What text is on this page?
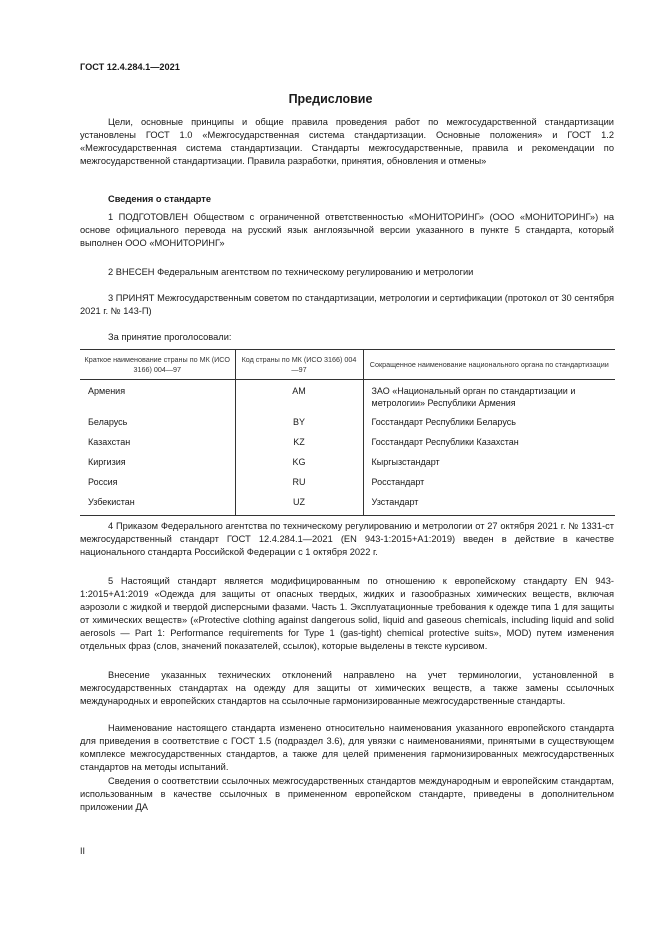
ГОСТ 12.4.284.1—2021
Предисловие
Цели, основные принципы и общие правила проведения работ по межгосударственной стандартизации установлены ГОСТ 1.0 «Межгосударственная система стандартизации. Основные положения» и ГОСТ 1.2 «Межгосударственная система стандартизации. Стандарты межгосударственные, правила и рекомендации по межгосударственной стандартизации. Правила разработки, принятия, обновления и отмены»
Сведения о стандарте
1 ПОДГОТОВЛЕН Обществом с ограниченной ответственностью «МОНИТОРИНГ» (ООО «МОНИТОРИНГ») на основе официального перевода на русский язык англоязычной версии указанного в пункте 5 стандарта, который выполнен ООО «МОНИТОРИНГ»
2 ВНЕСЕН Федеральным агентством по техническому регулированию и метрологии
3 ПРИНЯТ Межгосударственным советом по стандартизации, метрологии и сертификации (протокол от 30 сентября 2021 г. № 143-П)
За принятие проголосовали:
Краткое наименование страны по МК (ИСО 3166) 004—97	Код страны по МК (ИСО 3166) 004—97	Сокращенное наименование национального органа по стандартизации
Армения	AM	ЗАО «Национальный орган по стандартизации и метрологии» Республики Армения
Беларусь	BY	Госстандарт Республики Беларусь
Казахстан	KZ	Госстандарт Республики Казахстан
Киргизия	KG	Кыргызстандарт
Россия	RU	Росстандарт
Узбекистан	UZ	Узстандарт
4 Приказом Федерального агентства по техническому регулированию и метрологии от 27 октября 2021 г. № 1331-ст межгосударственный стандарт ГОСТ 12.4.284.1—2021 (EN 943-1:2015+A1:2019) введен в действие в качестве национального стандарта Российской Федерации с 1 октября 2022 г.
5 Настоящий стандарт является модифицированным по отношению к европейскому стандарту EN 943-1:2015+A1:2019 «Одежда для защиты от опасных твердых, жидких и газообразных химических веществ, включая аэрозоли с жидкой и твердой дисперсными фазами. Часть 1. Эксплуатационные требования к одежде типа 1 для защиты от химических веществ» («Protective clothing against dangerous solid, liquid and gaseous chemicals, including liquid and solid aerosols — Part 1: Performance requirements for Type 1 (gas-tight) chemical protective suits», MOD) путем изменения отдельных фраз (слов, значений показателей, ссылок), которые выделены в тексте курсивом.
Внесение указанных технических отклонений направлено на учет терминологии, установленной в межгосударственных стандартах на одежду для защиты от химических веществ, а также замены ссылочных международных и европейских стандартов на ссылочные гармонизированные межгосударственные стандарты.
Наименование настоящего стандарта изменено относительно наименования указанного европейского стандарта для приведения в соответствие с ГОСТ 1.5 (подраздел 3.6), для увязки с наименованиями, принятыми в существующем комплексе межгосударственных стандартов, а также для целей применения гармонизированных межгосударственных стандартов на методы испытаний.
Сведения о соответствии ссылочных межгосударственных стандартов международным и европейским стандартам, использованным в качестве ссылочных в примененном европейском стандарте, приведены в дополнительном приложении ДА
II
